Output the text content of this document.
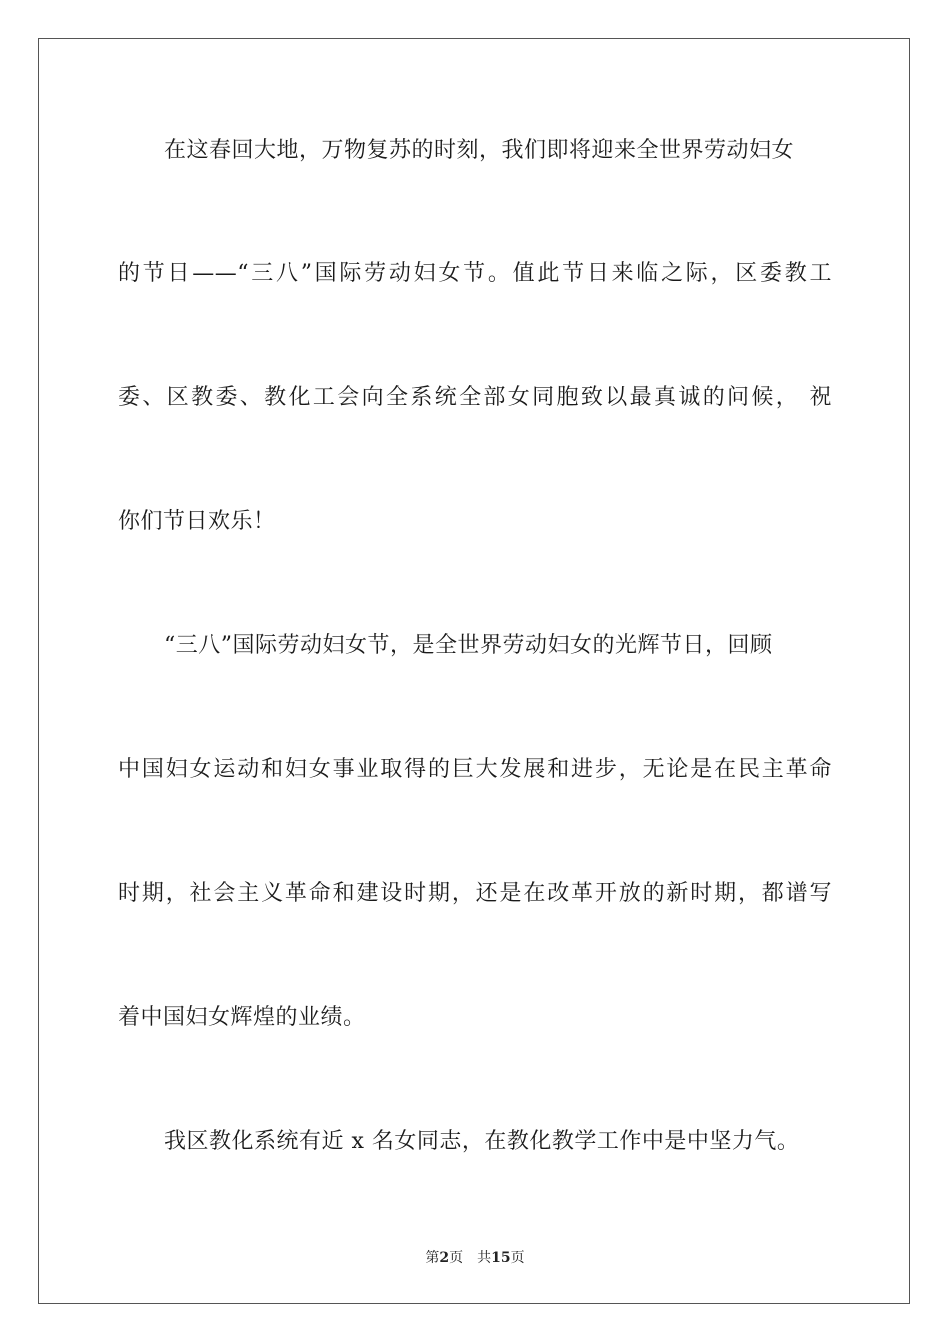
在这春回大地，万物复苏的时刻，我们即将迎来全世界劳动妇女
的节日——“三八”国际劳动妇女节。值此节日来临之际，区委教工
委、区教委、教化工会向全系统全部女同胞致以最真诚的问候， 祝
你们节日欢乐！
“三八”国际劳动妇女节，是全世界劳动妇女的光辉节日，回顾
中国妇女运动和妇女事业取得的巨大发展和进步，无论是在民主革命
时期，社会主义革命和建设时期，还是在改革开放的新时期，都谱写
着中国妇女辉煌的业绩。
我区教化系统有近 x 名女同志，在教化教学工作中是中坚力气。
第2页 共15页
